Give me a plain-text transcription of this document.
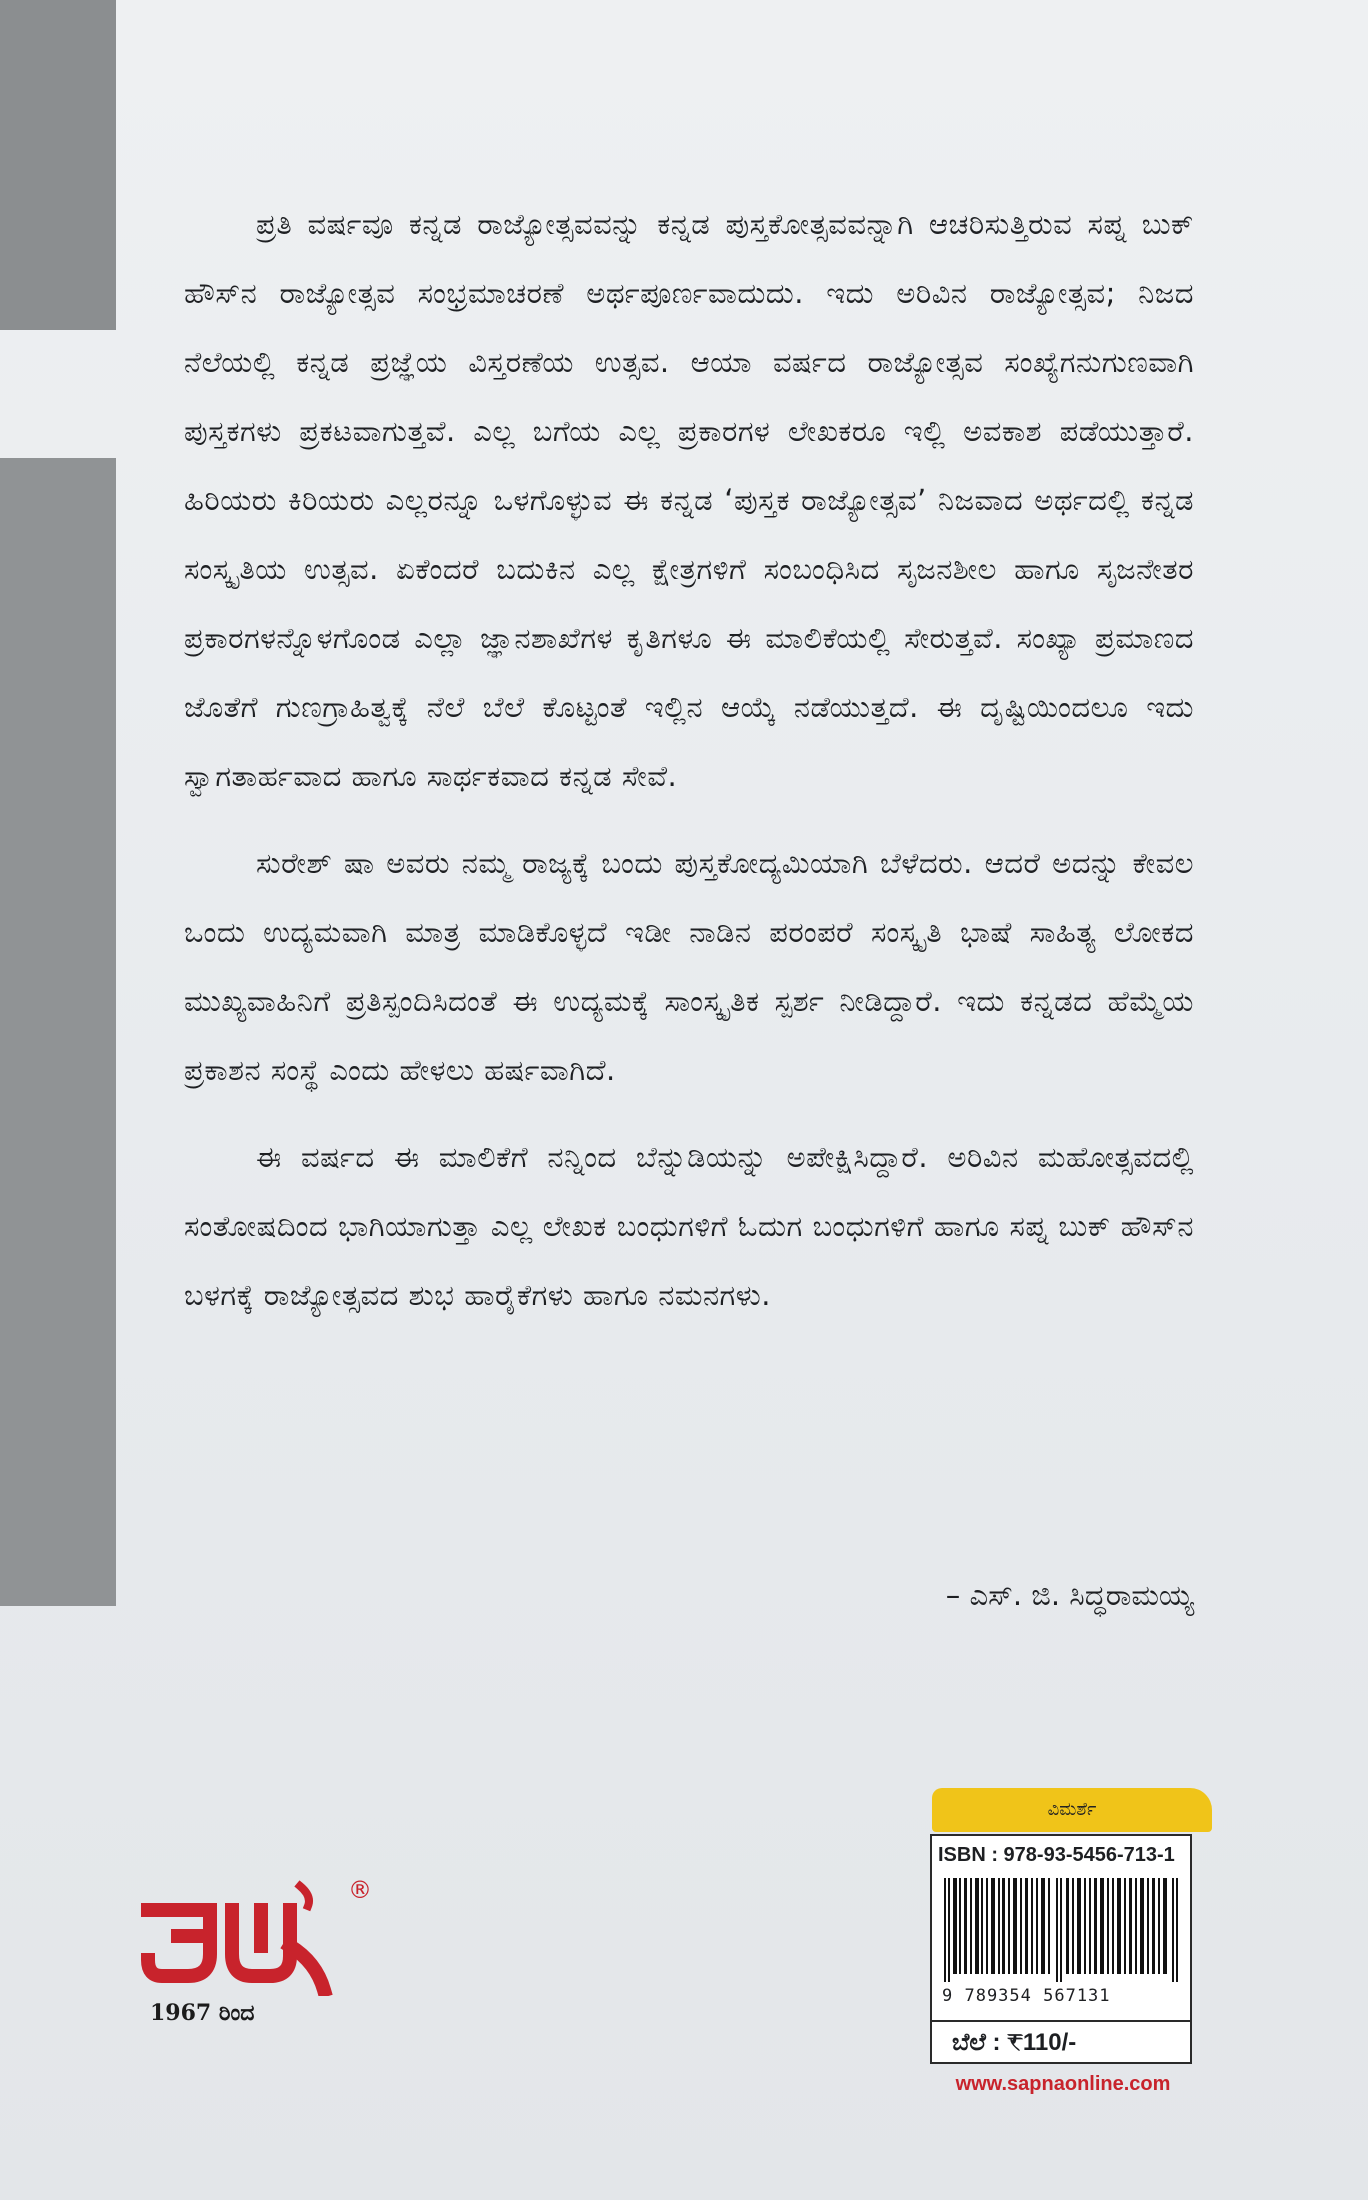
ಪ್ರತಿ ವರ್ಷವೂ ಕನ್ನಡ ರಾಜ್ಯೋತ್ಸವವನ್ನು ಕನ್ನಡ ಪುಸ್ತಕೋತ್ಸವವನ್ನಾಗಿ ಆಚರಿಸುತ್ತಿರುವ ಸಪ್ನ ಬುಕ್ ಹೌಸ್‌ನ ರಾಜ್ಯೋತ್ಸವ ಸಂಭ್ರಮಾಚರಣೆ ಅರ್ಥಪೂರ್ಣವಾದುದು. ಇದು ಅರಿವಿನ ರಾಜ್ಯೋತ್ಸವ; ನಿಜದ ನೆಲೆಯಲ್ಲಿ ಕನ್ನಡ ಪ್ರಜ್ಞೆಯ ವಿಸ್ತರಣೆಯ ಉತ್ಸವ. ಆಯಾ ವರ್ಷದ ರಾಜ್ಯೋತ್ಸವ ಸಂಖ್ಯೆಗನುಗುಣವಾಗಿ ಪುಸ್ತಕಗಳು ಪ್ರಕಟವಾಗುತ್ತವೆ. ಎಲ್ಲ ಬಗೆಯ ಎಲ್ಲ ಪ್ರಕಾರಗಳ ಲೇಖಕರೂ ಇಲ್ಲಿ ಅವಕಾಶ ಪಡೆಯುತ್ತಾರೆ. ಹಿರಿಯರು ಕಿರಿಯರು ಎಲ್ಲರನ್ನೂ ಒಳಗೊಳ್ಳುವ ಈ ಕನ್ನಡ ‘ಪುಸ್ತಕ ರಾಜ್ಯೋತ್ಸವ’ ನಿಜವಾದ ಅರ್ಥದಲ್ಲಿ ಕನ್ನಡ ಸಂಸ್ಕೃತಿಯ ಉತ್ಸವ. ಏಕೆಂದರೆ ಬದುಕಿನ ಎಲ್ಲ ಕ್ಷೇತ್ರಗಳಿಗೆ ಸಂಬಂಧಿಸಿದ ಸೃಜನಶೀಲ ಹಾಗೂ ಸೃಜನೇತರ ಪ್ರಕಾರಗಳನ್ನೊಳಗೊಂಡ ಎಲ್ಲಾ ಜ್ಞಾನಶಾಖೆಗಳ ಕೃತಿಗಳೂ ಈ ಮಾಲಿಕೆಯಲ್ಲಿ ಸೇರುತ್ತವೆ. ಸಂಖ್ಯಾ ಪ್ರಮಾಣದ ಜೊತೆಗೆ ಗುಣಗ್ರಾಹಿತ್ವಕ್ಕೆ ನೆಲೆ ಬೆಲೆ ಕೊಟ್ಟಂತೆ ಇಲ್ಲಿನ ಆಯ್ಕೆ ನಡೆಯುತ್ತದೆ. ಈ ದೃಷ್ಟಿಯಿಂದಲೂ ಇದು ಸ್ವಾಗತಾರ್ಹವಾದ ಹಾಗೂ ಸಾರ್ಥಕವಾದ ಕನ್ನಡ ಸೇವೆ.

ಸುರೇಶ್ ಷಾ ಅವರು ನಮ್ಮ ರಾಜ್ಯಕ್ಕೆ ಬಂದು ಪುಸ್ತಕೋದ್ಯಮಿಯಾಗಿ ಬೆಳೆದರು. ಆದರೆ ಅದನ್ನು ಕೇವಲ ಒಂದು ಉದ್ಯಮವಾಗಿ ಮಾತ್ರ ಮಾಡಿಕೊಳ್ಳದೆ ಇಡೀ ನಾಡಿನ ಪರಂಪರೆ ಸಂಸ್ಕೃತಿ ಭಾಷೆ ಸಾಹಿತ್ಯ ಲೋಕದ ಮುಖ್ಯವಾಹಿನಿಗೆ ಪ್ರತಿಸ್ಪಂದಿಸಿದಂತೆ ಈ ಉದ್ಯಮಕ್ಕೆ ಸಾಂಸ್ಕೃತಿಕ ಸ್ಪರ್ಶ ನೀಡಿದ್ದಾರೆ. ಇದು ಕನ್ನಡದ ಹೆಮ್ಮೆಯ ಪ್ರಕಾಶನ ಸಂಸ್ಥೆ ಎಂದು ಹೇಳಲು ಹರ್ಷವಾಗಿದೆ.

ಈ ವರ್ಷದ ಈ ಮಾಲಿಕೆಗೆ ನನ್ನಿಂದ ಬೆನ್ನುಡಿಯನ್ನು ಅಪೇಕ್ಷಿಸಿದ್ದಾರೆ. ಅರಿವಿನ ಮಹೋತ್ಸವದಲ್ಲಿ ಸಂತೋಷದಿಂದ ಭಾಗಿಯಾಗುತ್ತಾ ಎಲ್ಲ ಲೇಖಕ ಬಂಧುಗಳಿಗೆ ಓದುಗ ಬಂಧುಗಳಿಗೆ ಹಾಗೂ ಸಪ್ನ ಬುಕ್ ಹೌಸ್‌ನ ಬಳಗಕ್ಕೆ ರಾಜ್ಯೋತ್ಸವದ ಶುಭ ಹಾರೈಕೆಗಳು ಹಾಗೂ ನಮನಗಳು.

– ಎಸ್. ಜಿ. ಸಿದ್ಧರಾಮಯ್ಯ
®
1967 ರಿಂದ
ವಿಮರ್ಶೆ
ISBN : 978-93-5456-713-1
9 789354 567131
ಬೆಲೆ : ₹110/-
www.sapnaonline.com
